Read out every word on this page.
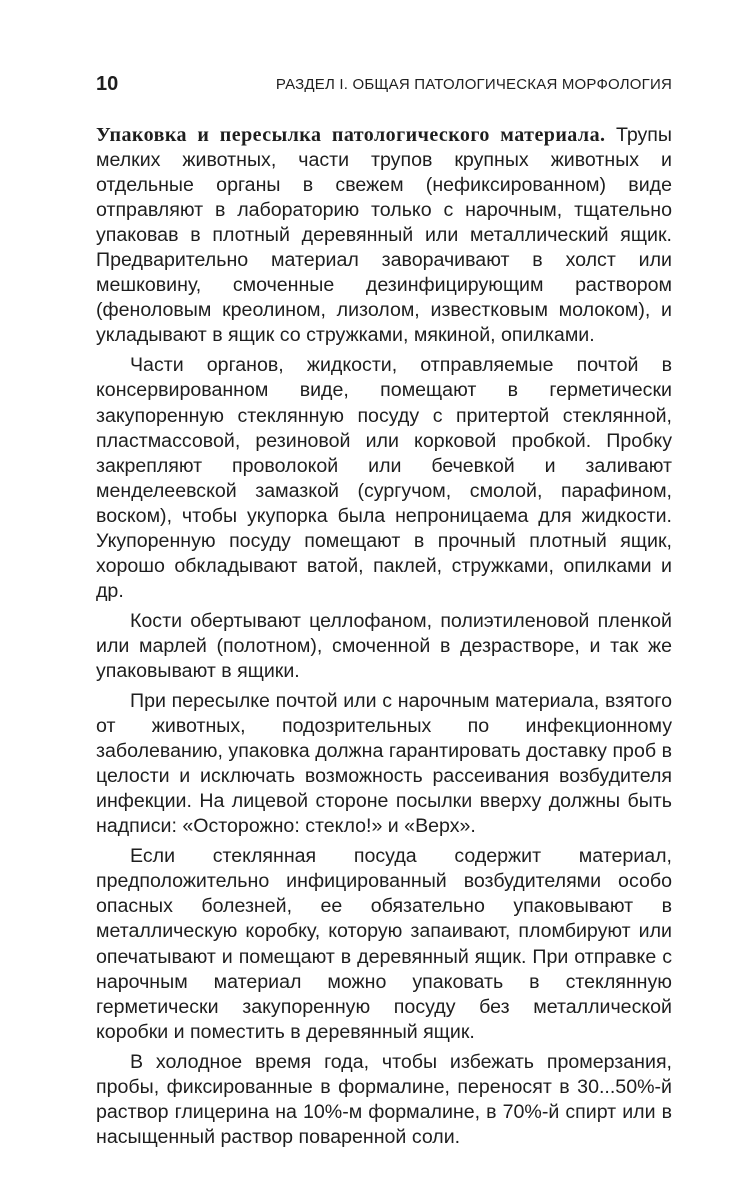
10	РАЗДЕЛ I. ОБЩАЯ ПАТОЛОГИЧЕСКАЯ МОРФОЛОГИЯ

Упаковка и пересылка патологического материала. Трупы мелких животных, части трупов крупных животных и отдельные органы в свежем (нефиксированном) виде отправляют в лабораторию только с нарочным, тщательно упаковав в плотный деревянный или металлический ящик. Предварительно материал заворачивают в холст или мешковину, смоченные дезинфицирующим раствором (феноловым креолином, лизолом, известковым молоком), и укладывают в ящик со стружками, мякиной, опилками.

Части органов, жидкости, отправляемые почтой в консервированном виде, помещают в герметически закупоренную стеклянную посуду с притертой стеклянной, пластмассовой, резиновой или корковой пробкой. Пробку закрепляют проволокой или бечевкой и заливают менделеевской замазкой (сургучом, смолой, парафином, воском), чтобы укупорка была непроницаема для жидкости. Укупоренную посуду помещают в прочный плотный ящик, хорошо обкладывают ватой, паклей, стружками, опилками и др.

Кости обертывают целлофаном, полиэтиленовой пленкой или марлей (полотном), смоченной в дезрастворе, и так же упаковывают в ящики.

При пересылке почтой или с нарочным материала, взятого от животных, подозрительных по инфекционному заболеванию, упаковка должна гарантировать доставку проб в целости и исключать возможность рассеивания возбудителя инфекции. На лицевой стороне посылки вверху должны быть надписи: «Осторожно: стекло!» и «Верх».

Если стеклянная посуда содержит материал, предположительно инфицированный возбудителями особо опасных болезней, ее обязательно упаковывают в металлическую коробку, которую запаивают, пломбируют или опечатывают и помещают в деревянный ящик. При отправке с нарочным материал можно упаковать в стеклянную герметически закупоренную посуду без металлической коробки и поместить в деревянный ящик.

В холодное время года, чтобы избежать промерзания, пробы, фиксированные в формалине, переносят в 30...50%-й раствор глицерина на 10%-м формалине, в 70%-й спирт или в насыщенный раствор поваренной соли.
